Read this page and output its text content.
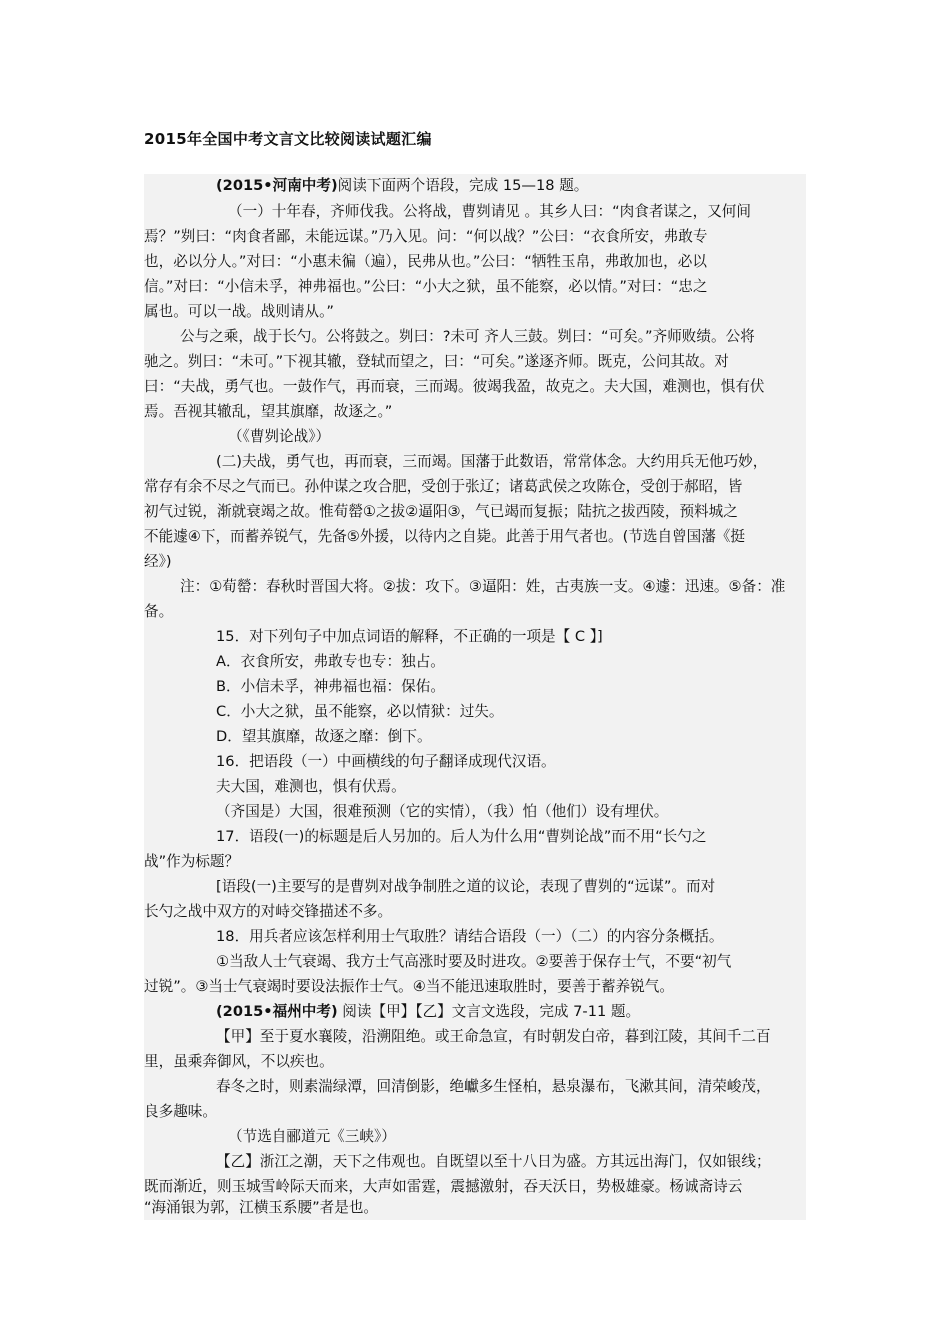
2015年全国中考文言文比较阅读试题汇编
(2015•河南中考)阅读下面两个语段，完成 15—18 题。
（一）十年春，齐师伐我。公将战，曹刿请见 。其乡人曰：“肉食者谋之，又何间
焉？”刿曰：“肉食者鄙，未能远谋。”乃入见。问：“何以战？”公曰：“衣食所安，弗敢专
也，必以分人。”对曰：“小惠未徧（遍），民弗从也。”公曰：“牺牲玉帛，弗敢加也，必以
信。”对曰：“小信未孚，神弗福也。”公曰：“小大之狱，虽不能察，必以情。”对曰：“忠之
属也。可以一战。战则请从。”
公与之乘，战于长勺。公将鼓之。刿曰：?未可 齐人三鼓。刿曰：“可矣。”齐师败绩。公将
驰之。刿曰：“未可。”下视其辙，登轼而望之，曰：“可矣。”遂逐齐师。既克，公问其故。对
曰：“夫战，勇气也。一鼓作气，再而衰，三而竭。彼竭我盈，故克之。夫大国，难测也，惧有伏
焉。吾视其辙乱，望其旗靡，故逐之。”
（《曹刿论战》）
(二)夫战，勇气也，再而衰，三而竭。国藩于此数语，常常体念。大约用兵无他巧妙，
常存有余不尽之气而已。孙仲谋之攻合肥，受创于张辽；诸葛武侯之攻陈仓，受创于郝昭，皆
初气过锐，渐就衰竭之故。惟荀罃①之拔②逼阳③，气已竭而复振；陆抗之拔西陵，预料城之
不能遽④下，而蓄养锐气，先备⑤外援，以待内之自毙。此善于用气者也。(节选自曾国藩《挺
经》)
注：①荀罃：春秋时晋国大将。②拔：攻下。③逼阳：姓，古夷族一支。④遽：迅速。⑤备：准
备。
15．对下列句子中加点词语的解释，不正确的一项是【 C 】]
A．衣食所安，弗敢专也专：独占。
B．小信未孚，神弗福也福：保佑。
C．小大之狱，虽不能察，必以情狱：过失。
D．望其旗靡，故逐之靡：倒下。
16．把语段（一）中画横线的句子翻译成现代汉语。
夫大国，难测也，惧有伏焉。
（齐国是）大国，很难预测（它的实情），（我）怕（他们）设有埋伏。
17．语段(一)的标题是后人另加的。后人为什么用“曹刿论战”而不用“长勺之
战”作为标题？
[语段(一)主要写的是曹刿对战争制胜之道的议论，表现了曹刿的“远谋”。而对
长勺之战中双方的对峙交锋描述不多。
18．用兵者应该怎样利用士气取胜？请结合语段（一）（二）的内容分条概括。
①当敌人士气衰竭、我方士气高涨时要及时进攻。②要善于保存士气，不要“初气
过锐”。③当士气衰竭时要设法振作士气。④当不能迅速取胜时，要善于蓄养锐气。
(2015•福州中考) 阅读【甲】【乙】文言文选段，完成 7-11 题。
【甲】至于夏水襄陵，沿溯阻绝。或王命急宣，有时朝发白帝，暮到江陵，其间千二百
里，虽乘奔御风，不以疾也。
春冬之时，则素湍绿潭，回清倒影，绝巘多生怪柏，悬泉瀑布，飞漱其间，清荣峻茂，
良多趣味。
（节选自郦道元《三峡》）
【乙】浙江之潮，天下之伟观也。自既望以至十八日为盛。方其远出海门，仅如银线；
既而渐近，则玉城雪岭际天而来，大声如雷霆，震撼激射，吞天沃日，势极雄豪。杨诚斋诗云
“海涌银为郭，江横玉系腰”者是也。
